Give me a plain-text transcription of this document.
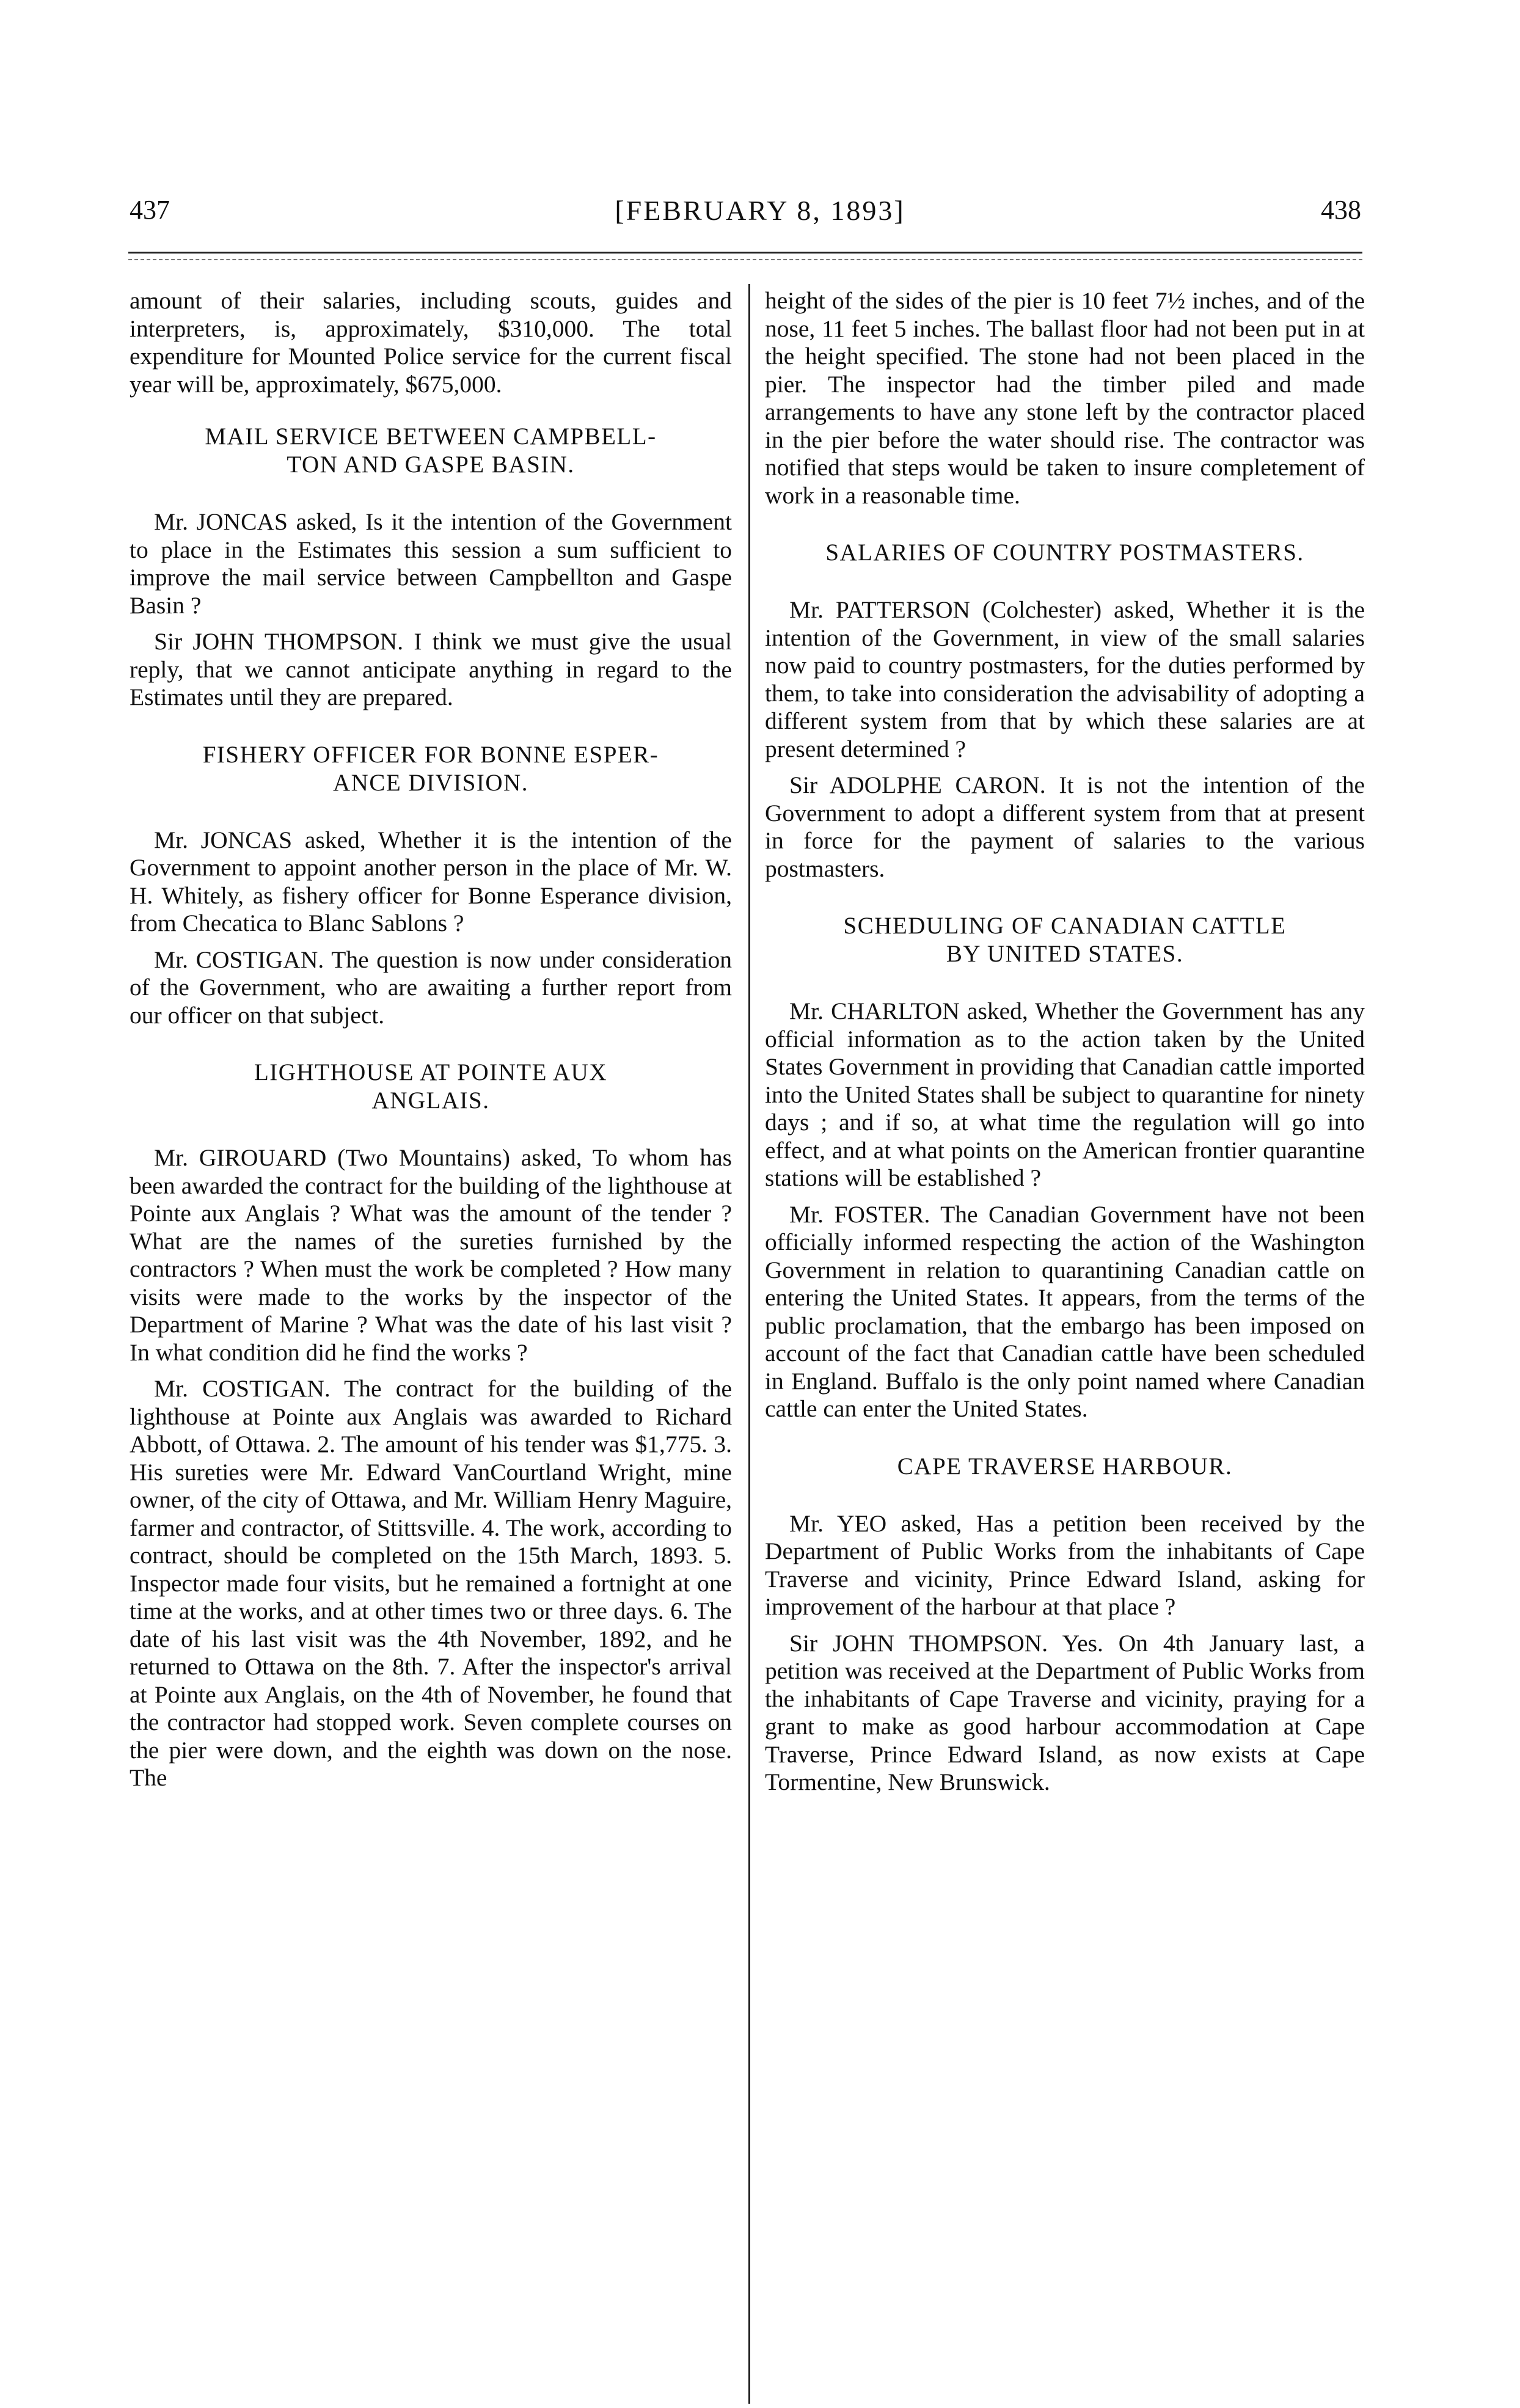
437	[FEBRUARY 8, 1893]	438

amount of their salaries, including scouts, guides and interpreters, is, approximately, $310,000. The total expenditure for Mounted Police service for the current fiscal year will be, approximately, $675,000.

MAIL SERVICE BETWEEN CAMPBELL-
TON AND GASPE BASIN.

Mr. JONCAS asked, Is it the intention of the Government to place in the Estimates this session a sum sufficient to improve the mail service between Campbellton and Gaspe Basin ?

Sir JOHN THOMPSON. I think we must give the usual reply, that we cannot anticipate anything in regard to the Estimates until they are prepared.

FISHERY OFFICER FOR BONNE ESPER-
ANCE DIVISION.

Mr. JONCAS asked, Whether it is the intention of the Government to appoint another person in the place of Mr. W. H. Whitely, as fishery officer for Bonne Esperance division, from Checatica to Blanc Sablons ?

Mr. COSTIGAN. The question is now under consideration of the Government, who are awaiting a further report from our officer on that subject.

LIGHTHOUSE AT POINTE AUX
ANGLAIS.

Mr. GIROUARD (Two Mountains) asked, To whom has been awarded the contract for the building of the lighthouse at Pointe aux Anglais ? What was the amount of the tender ? What are the names of the sureties furnished by the contractors ? When must the work be completed ? How many visits were made to the works by the inspector of the Department of Marine ? What was the date of his last visit ? In what condition did he find the works ?

Mr. COSTIGAN. The contract for the building of the lighthouse at Pointe aux Anglais was awarded to Richard Abbott, of Ottawa. 2. The amount of his tender was $1,775. 3. His sureties were Mr. Edward VanCourtland Wright, mine owner, of the city of Ottawa, and Mr. William Henry Maguire, farmer and contractor, of Stittsville. 4. The work, according to contract, should be completed on the 15th March, 1893. 5. Inspector made four visits, but he remained a fortnight at one time at the works, and at other times two or three days. 6. The date of his last visit was the 4th November, 1892, and he returned to Ottawa on the 8th. 7. After the inspector's arrival at Pointe aux Anglais, on the 4th of November, he found that the contractor had stopped work. Seven complete courses on the pier were down, and the eighth was down on the nose. The

height of the sides of the pier is 10 feet 7½ inches, and of the nose, 11 feet 5 inches. The ballast floor had not been put in at the height specified. The stone had not been placed in the pier. The inspector had the timber piled and made arrangements to have any stone left by the contractor placed in the pier before the water should rise. The contractor was notified that steps would be taken to insure completement of work in a reasonable time.

SALARIES OF COUNTRY POSTMASTERS.

Mr. PATTERSON (Colchester) asked, Whether it is the intention of the Government, in view of the small salaries now paid to country postmasters, for the duties performed by them, to take into consideration the advisability of adopting a different system from that by which these salaries are at present determined ?

Sir ADOLPHE CARON. It is not the intention of the Government to adopt a different system from that at present in force for the payment of salaries to the various postmasters.

SCHEDULING OF CANADIAN CATTLE
BY UNITED STATES.

Mr. CHARLTON asked, Whether the Government has any official information as to the action taken by the United States Government in providing that Canadian cattle imported into the United States shall be subject to quarantine for ninety days ; and if so, at what time the regulation will go into effect, and at what points on the American frontier quarantine stations will be established ?

Mr. FOSTER. The Canadian Government have not been officially informed respecting the action of the Washington Government in relation to quarantining Canadian cattle on entering the United States. It appears, from the terms of the public proclamation, that the embargo has been imposed on account of the fact that Canadian cattle have been scheduled in England. Buffalo is the only point named where Canadian cattle can enter the United States.

CAPE TRAVERSE HARBOUR.

Mr. YEO asked, Has a petition been received by the Department of Public Works from the inhabitants of Cape Traverse and vicinity, Prince Edward Island, asking for improvement of the harbour at that place ?

Sir JOHN THOMPSON. Yes. On 4th January last, a petition was received at the Department of Public Works from the inhabitants of Cape Traverse and vicinity, praying for a grant to make as good harbour accommodation at Cape Traverse, Prince Edward Island, as now exists at Cape Tormentine, New Brunswick.
